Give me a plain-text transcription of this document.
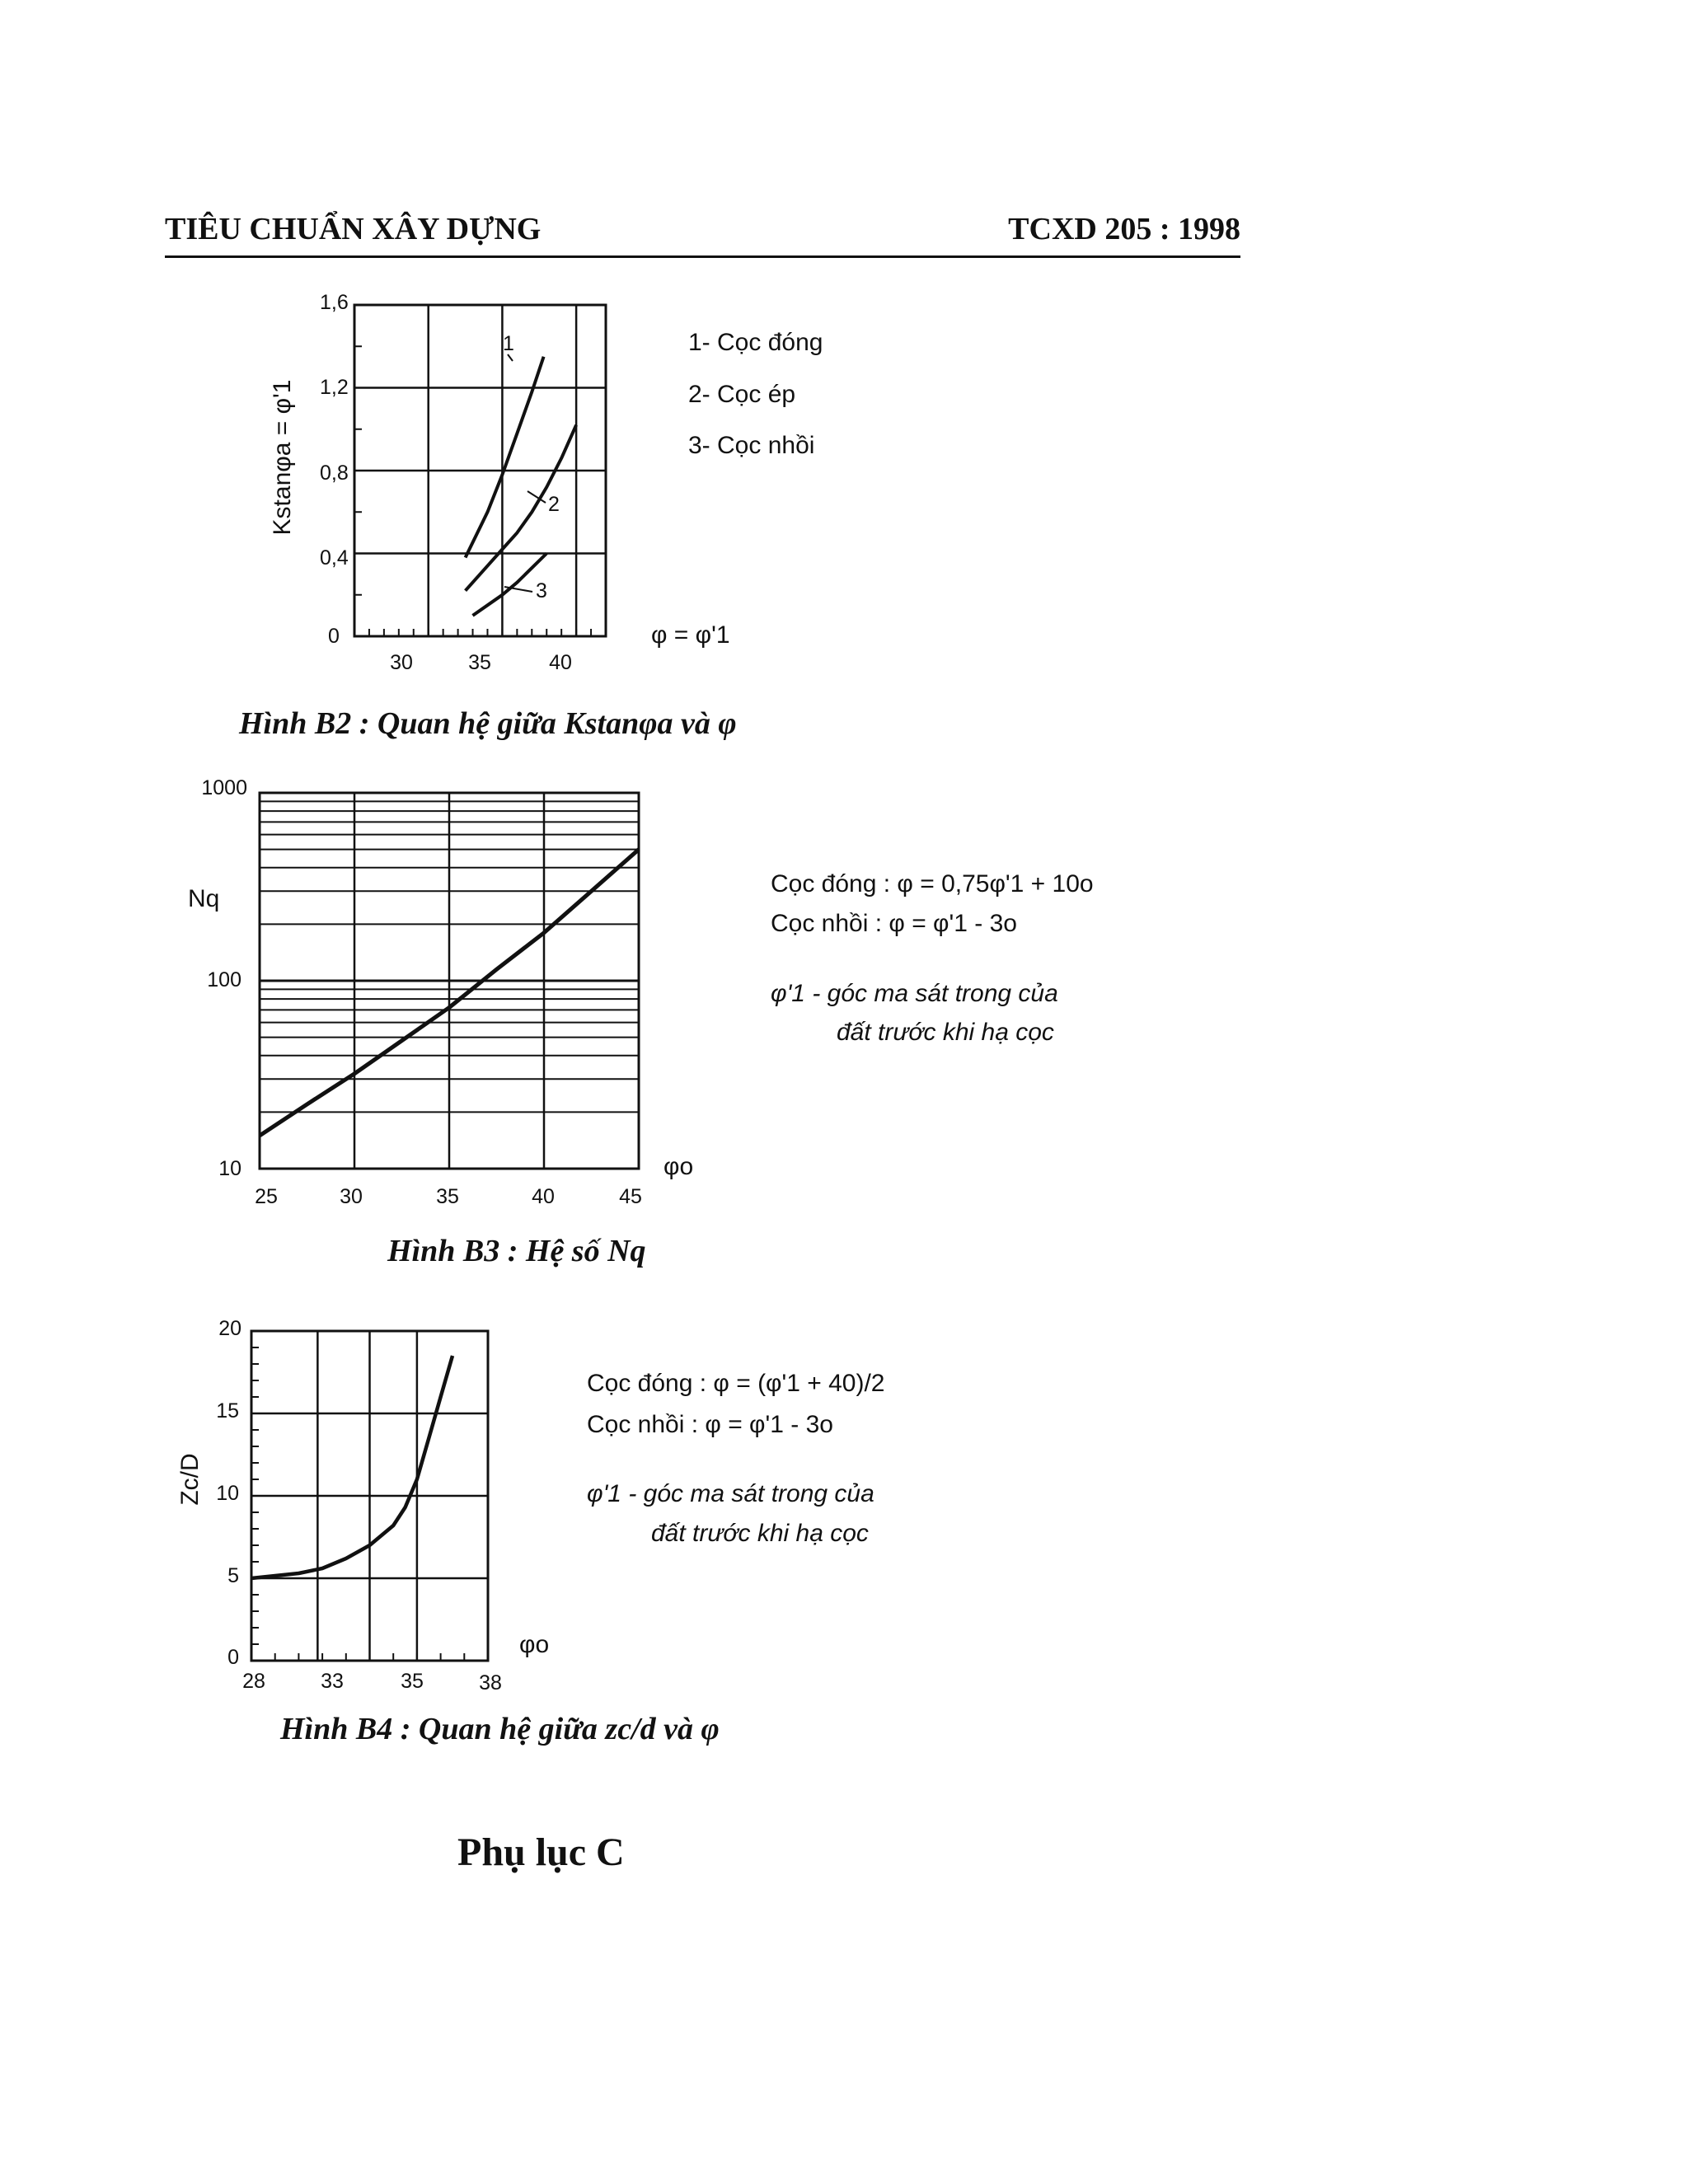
TIÊU CHUẨN XÂY DỰNG	TCXD 205 : 1998
1,6
1,2
0,8
0,4
0
30	35	40
Kstanφa = φ'1
φ = φ'1
1
2
3
1- Cọc đóng
2- Cọc ép
3- Cọc nhồi
Hình B2 : Quan hệ giữa Kstanφa và φ
1000
100
10
25	30	35	40	45
Nq
φo
Cọc đóng : φ = 0,75φ'1 + 10o
Cọc nhồi : φ = φ'1 - 3o
φ'1 - góc ma sát trong của
đất trước khi hạ cọc
Hình B3 : Hệ số Nq
20
15
10
5
0
28	33	35	38
Zc/D
φo
Cọc đóng : φ = (φ'1 + 40)/2
Cọc nhồi : φ = φ'1 - 3o
φ'1 - góc ma sát trong của
đất trước khi hạ cọc
Hình B4 : Quan hệ giữa zc/d và φ
Phụ lục C
